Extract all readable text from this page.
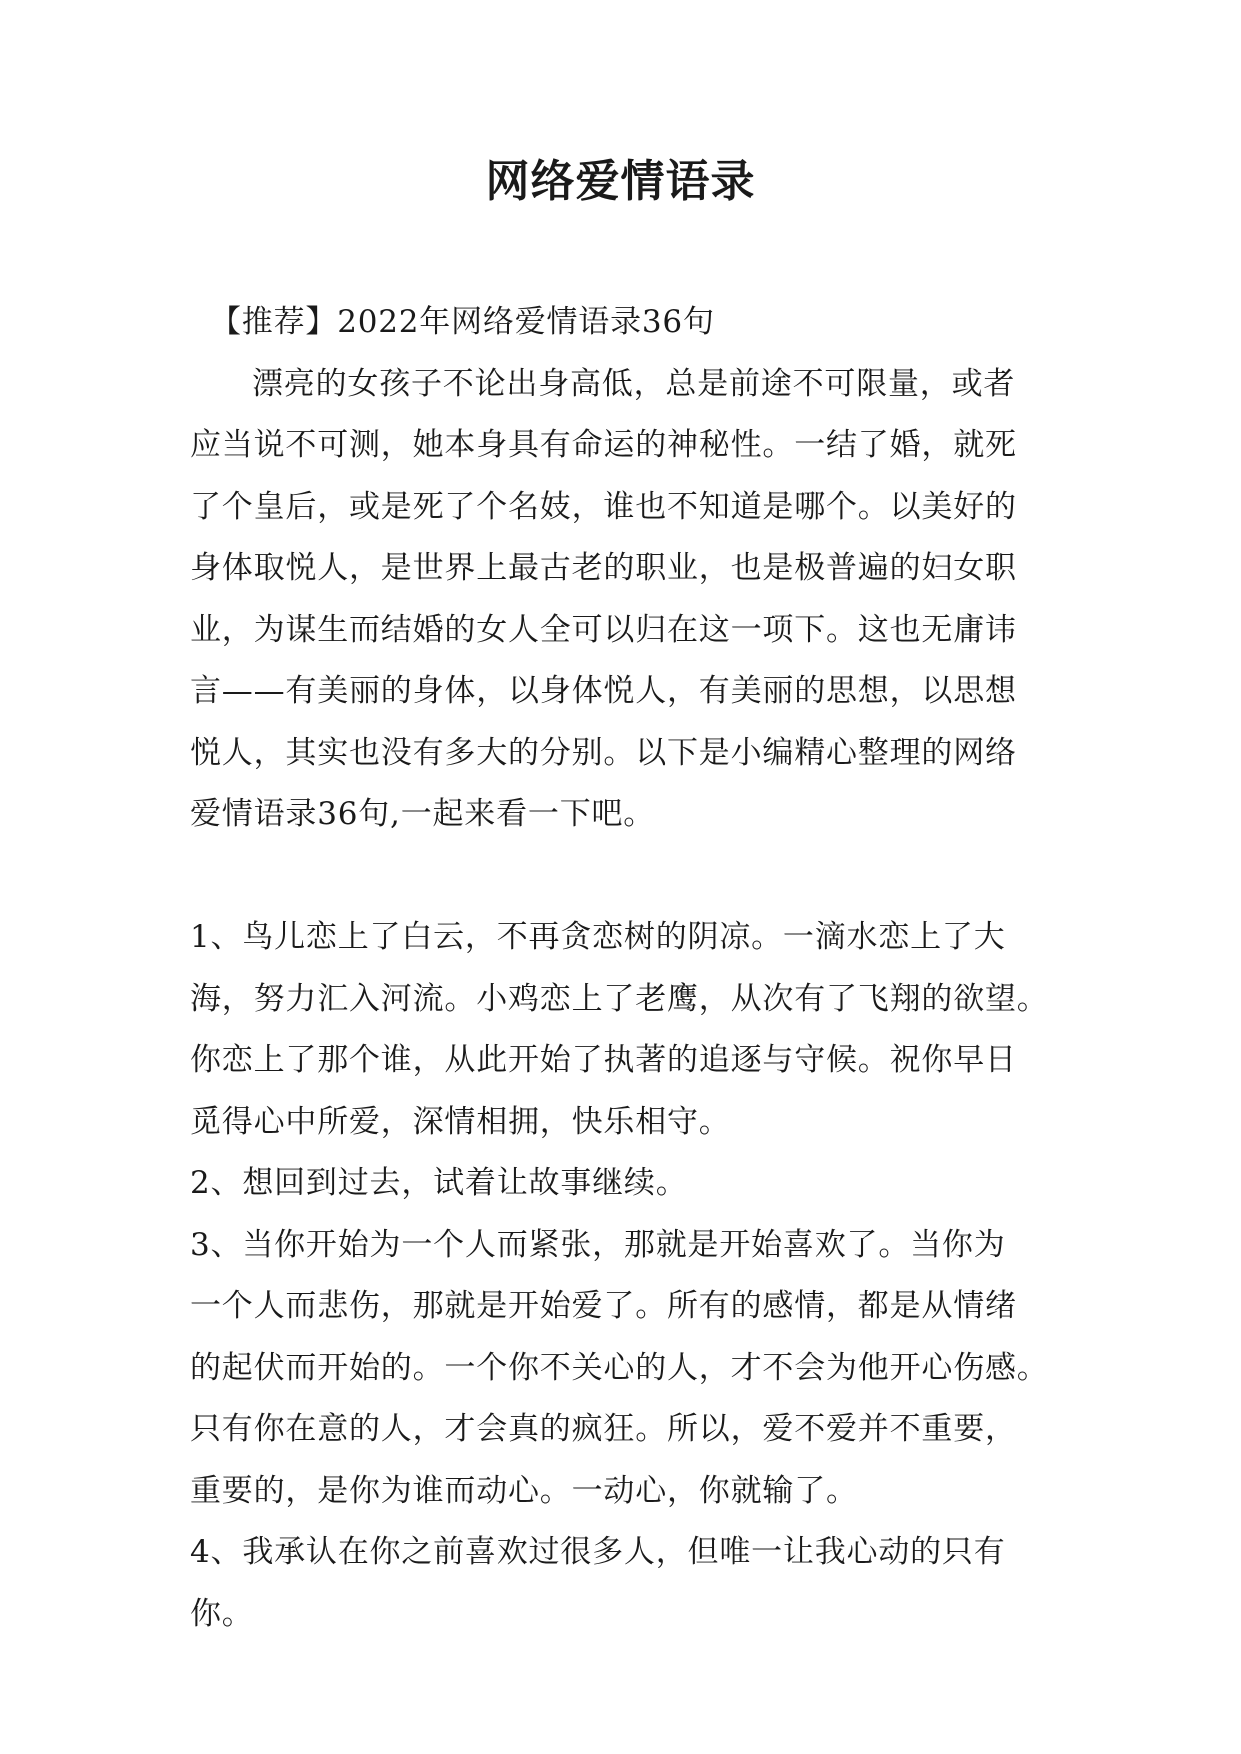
网络爱情语录

【推荐】2022年网络爱情语录36句

漂亮的女孩子不论出身高低，总是前途不可限量，或者

应当说不可测，她本身具有命运的神秘性。一结了婚，就死

了个皇后，或是死了个名妓，谁也不知道是哪个。以美好的

身体取悦人，是世界上最古老的职业，也是极普遍的妇女职

业，为谋生而结婚的女人全可以归在这一项下。这也无庸讳

言——有美丽的身体，以身体悦人，有美丽的思想，以思想

悦人，其实也没有多大的分别。以下是小编精心整理的网络

爱情语录36句,一起来看一下吧。

1、鸟儿恋上了白云，不再贪恋树的阴凉。一滴水恋上了大

海，努力汇入河流。小鸡恋上了老鹰，从次有了飞翔的欲望。

你恋上了那个谁，从此开始了执著的追逐与守候。祝你早日

觅得心中所爱，深情相拥，快乐相守。

2、想回到过去，试着让故事继续。

3、当你开始为一个人而紧张，那就是开始喜欢了。当你为

一个人而悲伤，那就是开始爱了。所有的感情，都是从情绪

的起伏而开始的。一个你不关心的人，才不会为他开心伤感。

只有你在意的人，才会真的疯狂。所以，爱不爱并不重要，

重要的，是你为谁而动心。一动心，你就输了。

4、我承认在你之前喜欢过很多人，但唯一让我心动的只有

你。
